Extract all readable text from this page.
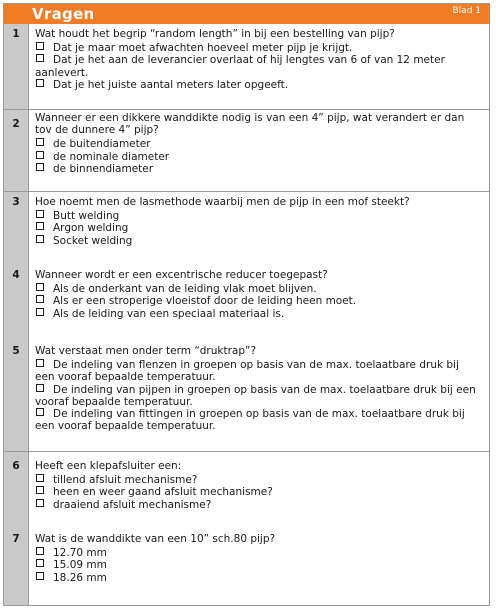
Vragen	Blad 1
1	Wat houdt het begrip “random length” in bij een bestelling van pijp?
Dat je maar moet afwachten hoeveel meter pijp je krijgt.
Dat je het aan de leverancier overlaat of hij lengtes van 6 of van 12 meter aanlevert.
Dat je het juiste aantal meters later opgeeft.
2	Wanneer er een dikkere wanddikte nodig is van een 4” pijp, wat verandert er dan tov de dunnere 4” pijp?
de buitendiameter
de nominale diameter
de binnendiameter
3	Hoe noemt men de lasmethode waarbij men de pijp in een mof steekt?
Butt welding
Argon welding
Socket welding
4	Wanneer wordt er een excentrische reducer toegepast?
Als de onderkant van de leiding vlak moet blijven.
Als er een stroperige vloeistof door de leiding heen moet.
Als de leiding van een speciaal materiaal is.
5	Wat verstaat men onder term “druktrap”?
De indeling van flenzen in groepen op basis van de max. toelaatbare druk bij een vooraf bepaalde temperatuur.
De indeling van pijpen in groepen op basis van de max. toelaatbare druk bij een vooraf bepaalde temperatuur.
De indeling van fittingen in groepen op basis van de max. toelaatbare druk bij een vooraf bepaalde temperatuur.
6	Heeft een klepafsluiter een:
tillend afsluit mechanisme?
heen en weer gaand afsluit mechanisme?
draaiend afsluit mechanisme?
7	Wat is de wanddikte van een 10” sch.80 pijp?
12.70 mm
15.09 mm
18.26 mm
